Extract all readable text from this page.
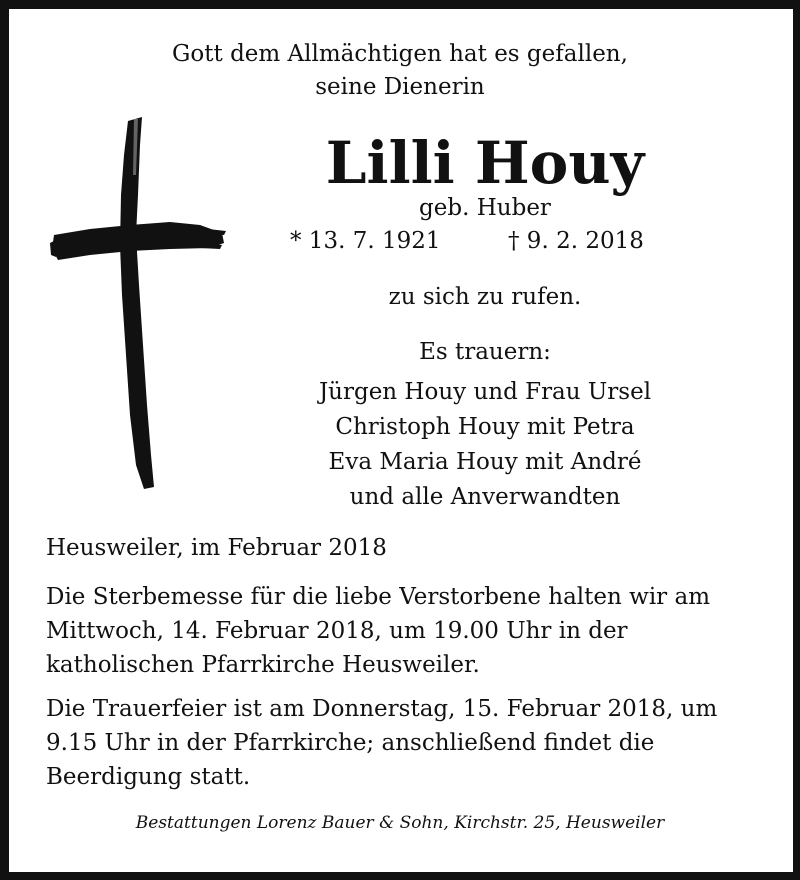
Gott dem Allmächtigen hat es gefallen,
seine Dienerin
Lilli Houy
geb. Huber
* 13. 7. 1921	† 9. 2. 2018
zu sich zu rufen.
Es trauern:
Jürgen Houy und Frau Ursel
Christoph Houy mit Petra
Eva Maria Houy mit André
und alle Anverwandten
Heusweiler, im Februar 2018
Die Sterbemesse für die liebe Verstorbene halten wir am Mittwoch, 14. Februar 2018, um 19.00 Uhr in der katholischen Pfarrkirche Heusweiler.
Die Trauerfeier ist am Donnerstag, 15. Februar 2018, um 9.15 Uhr in der Pfarrkirche; anschließend findet die Beerdigung statt.
Bestattungen Lorenz Bauer & Sohn, Kirchstr. 25, Heusweiler
